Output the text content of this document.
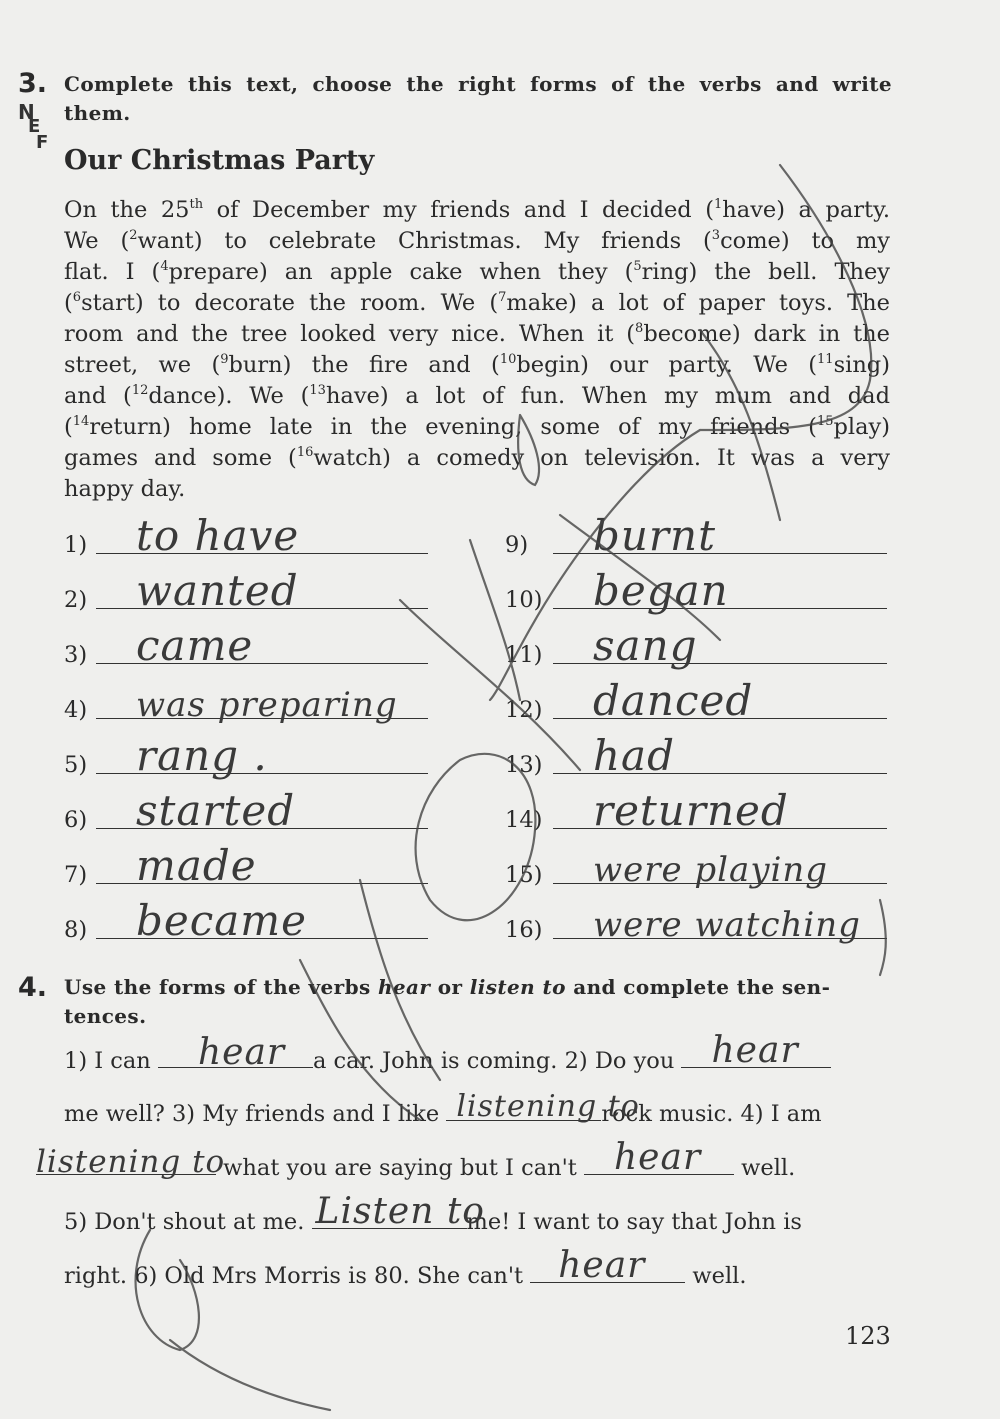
3.
N
E
F
Complete this text, choose the right forms of the verbs and write
them.
Our Christmas Party
On the 25th of December my friends and I decided ($^1$have) a party.
We ($^2$want) to celebrate Christmas. My friends ($^3$come) to my
flat. I ($^4$prepare) an apple cake when they ($^5$ring) the bell. They
($^6$start) to decorate the room. We ($^7$make) a lot of paper toys. The
room and the tree looked very nice. When it ($^8$become) dark in the
street, we ($^9$burn) the fire and ($^{10}$begin) our party. We ($^{11}$sing)
and ($^{12}$dance). We ($^{13}$have) a lot of fun. When my mum and dad
($^{14}$return) home late in the evening, some of my friends ($^{15}$play)
games and some ($^{16}$watch) a comedy on television. It was a very
happy day.
1) to have
2) wanted
3) came
4) was preparing
5) rang .
6) started
7) made
8) became
9) burnt
10) began
11) sang
12) danced
13) had
14) returned
15) were playing
16) were watching
4. Use the forms of the verbs hear or listen to and complete the sen-
tences.
1) I can hear a car. John is coming. 2) Do you hear
me well? 3) My friends and I like listening to
rock music. 4) I am
listening to
what you are saying but I can't hear well.
5) Don't shout at me. Listen to
me! I want to say that John is
right. 6) Old Mrs Morris is 80. She can't hear well.
123
